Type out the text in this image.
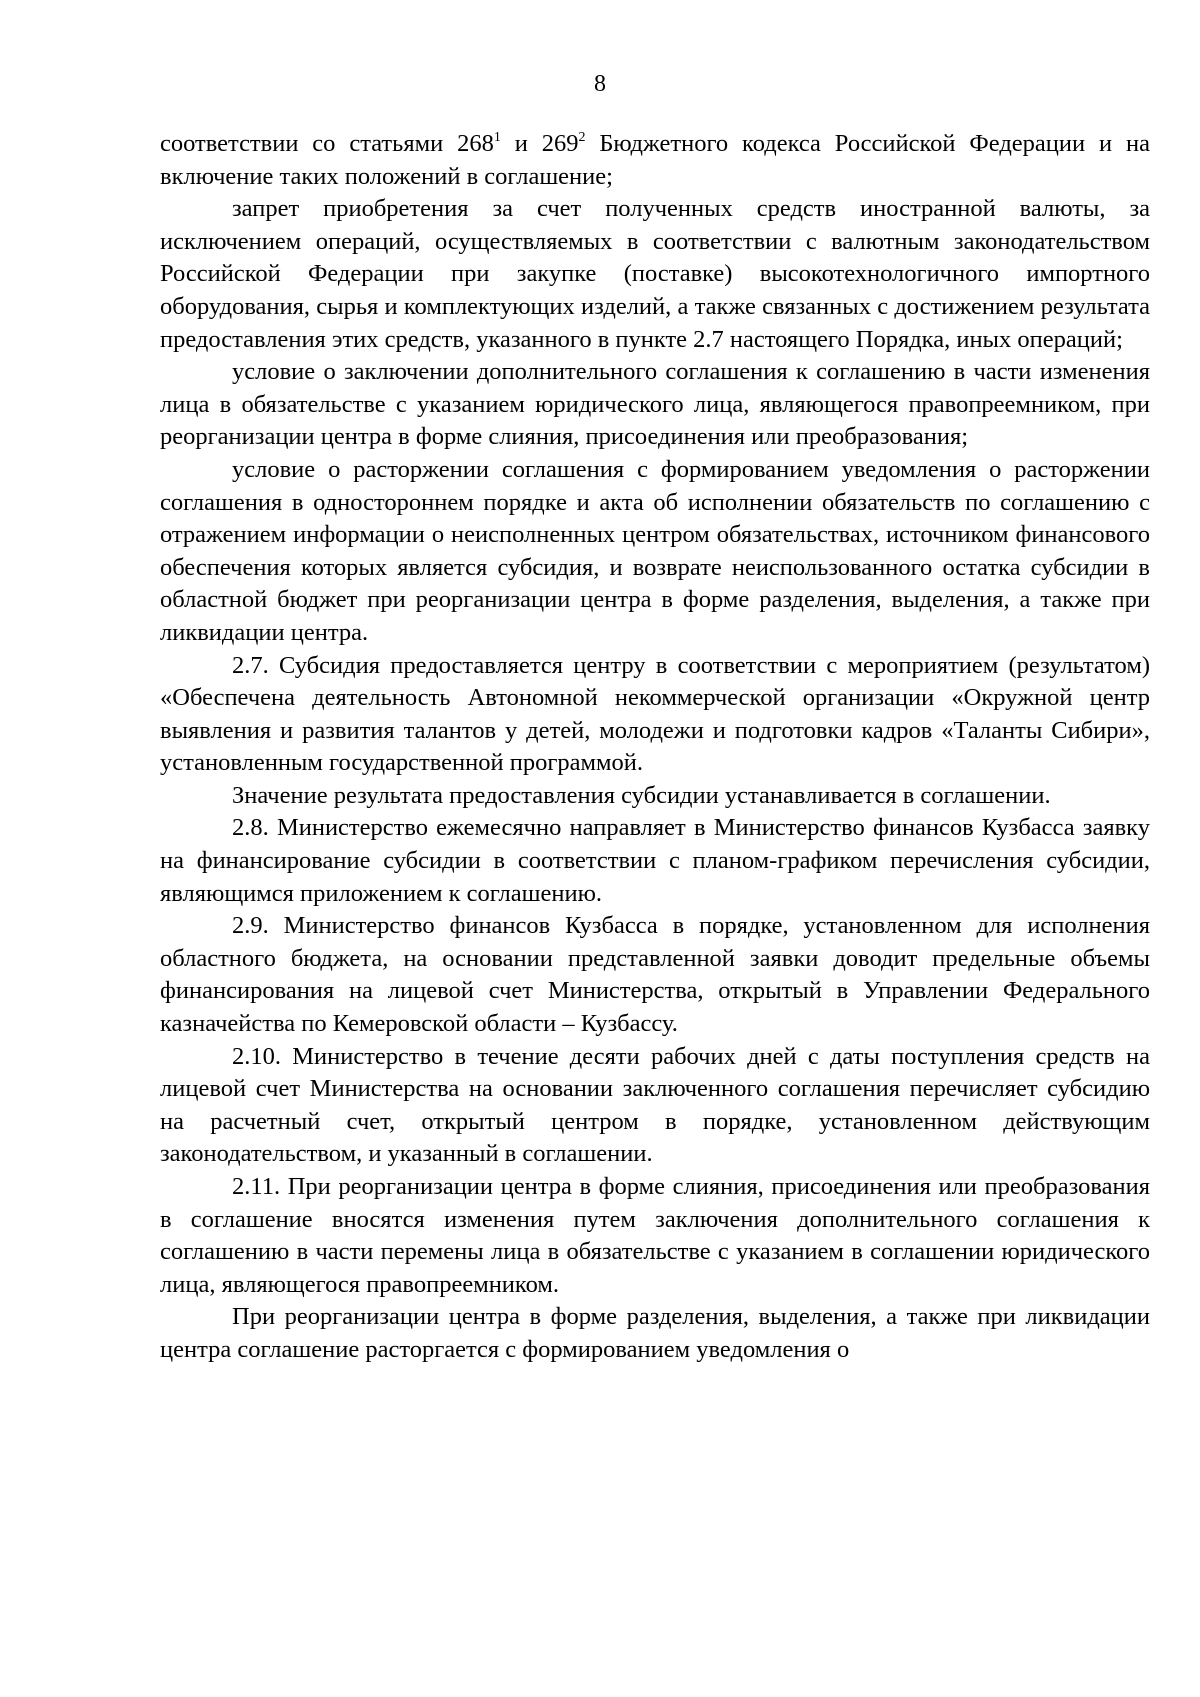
8

соответствии со статьями $268^1$ и $269^2$ Бюджетного кодекса Российской Федерации и на включение таких положений в соглашение;

запрет приобретения за счет полученных средств иностранной валюты, за исключением операций, осуществляемых в соответствии с валютным законодательством Российской Федерации при закупке (поставке) высокотехнологичного импортного оборудования, сырья и комплектующих изделий, а также связанных с достижением результата предоставления этих средств, указанного в пункте 2.7 настоящего Порядка, иных операций;

условие о заключении дополнительного соглашения к соглашению в части изменения лица в обязательстве с указанием юридического лица, являющегося правопреемником, при реорганизации центра в форме слияния, присоединения или преобразования;

условие о расторжении соглашения с формированием уведомления о расторжении соглашения в одностороннем порядке и акта об исполнении обязательств по соглашению с отражением информации о неисполненных центром обязательствах, источником финансового обеспечения которых является субсидия, и возврате неиспользованного остатка субсидии в областной бюджет при реорганизации центра в форме разделения, выделения, а также при ликвидации центра.

2.7. Субсидия предоставляется центру в соответствии с мероприятием (результатом) «Обеспечена деятельность Автономной некоммерческой организации «Окружной центр выявления и развития талантов у детей, молодежи и подготовки кадров «Таланты Сибири», установленным государственной программой.

Значение результата предоставления субсидии устанавливается в соглашении.

2.8. Министерство ежемесячно направляет в Министерство финансов Кузбасса заявку на финансирование субсидии в соответствии с планом-графиком перечисления субсидии, являющимся приложением к соглашению.

2.9. Министерство финансов Кузбасса в порядке, установленном для исполнения областного бюджета, на основании представленной заявки доводит предельные объемы финансирования на лицевой счет Министерства, открытый в Управлении Федерального казначейства по Кемеровской области – Кузбассу.

2.10. Министерство в течение десяти рабочих дней с даты поступления средств на лицевой счет Министерства на основании заключенного соглашения перечисляет субсидию на расчетный счет, открытый центром в порядке, установленном действующим законодательством, и указанный в соглашении.

2.11. При реорганизации центра в форме слияния, присоединения или преобразования в соглашение вносятся изменения путем заключения дополнительного соглашения к соглашению в части перемены лица в обязательстве с указанием в соглашении юридического лица, являющегося правопреемником.

При реорганизации центра в форме разделения, выделения, а также при ликвидации центра соглашение расторгается с формированием уведомления о
